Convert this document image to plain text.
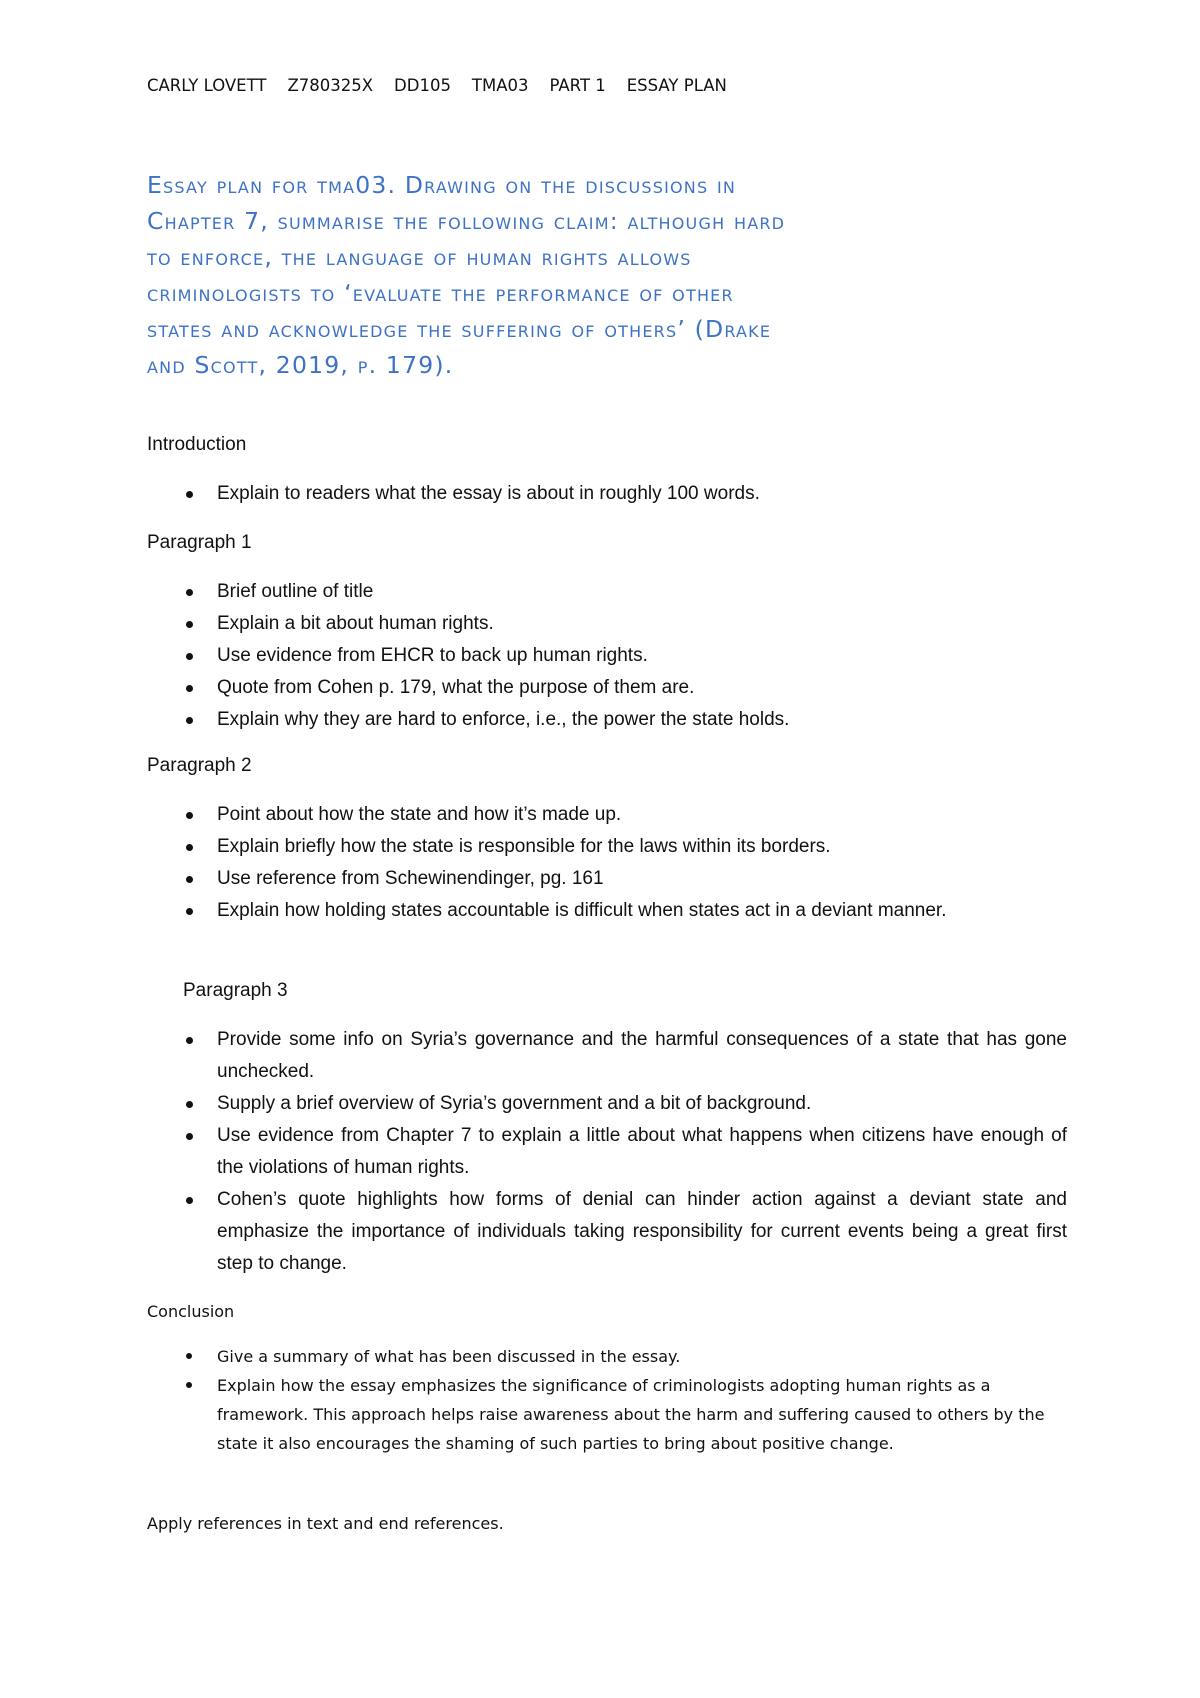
CARLY LOVETT    Z780325X    DD105    TMA03    PART 1    ESSAY PLAN
Essay plan for tma03. Drawing on the discussions in
Chapter 7, summarise the following claim: although hard
to enforce, the language of human rights allows
criminologists to ‘evaluate the performance of other
states and acknowledge the suffering of others’ (Drake
and Scott, 2019, p. 179).
Introduction
Explain to readers what the essay is about in roughly 100 words.
Paragraph 1
Brief outline of title
Explain a bit about human rights.
Use evidence from EHCR to back up human rights.
Quote from Cohen p. 179, what the purpose of them are.
Explain why they are hard to enforce, i.e., the power the state holds.
Paragraph 2
Point about how the state and how it’s made up.
Explain briefly how the state is responsible for the laws within its borders.
Use reference from Schewinendinger, pg. 161
Explain how holding states accountable is difficult when states act in a deviant manner.
Paragraph 3
Provide some info on Syria’s governance and the harmful consequences of a state that has gone unchecked.
Supply a brief overview of Syria’s government and a bit of background.
Use evidence from Chapter 7 to explain a little about what happens when citizens have enough of the violations of human rights.
Cohen’s quote highlights how forms of denial can hinder action against a deviant state and emphasize the importance of individuals taking responsibility for current events being a great first step to change.
Conclusion
Give a summary of what has been discussed in the essay.
Explain how the essay emphasizes the significance of criminologists adopting human rights as a framework. This approach helps raise awareness about the harm and suffering caused to others by the state it also encourages the shaming of such parties to bring about positive change.
Apply references in text and end references.
